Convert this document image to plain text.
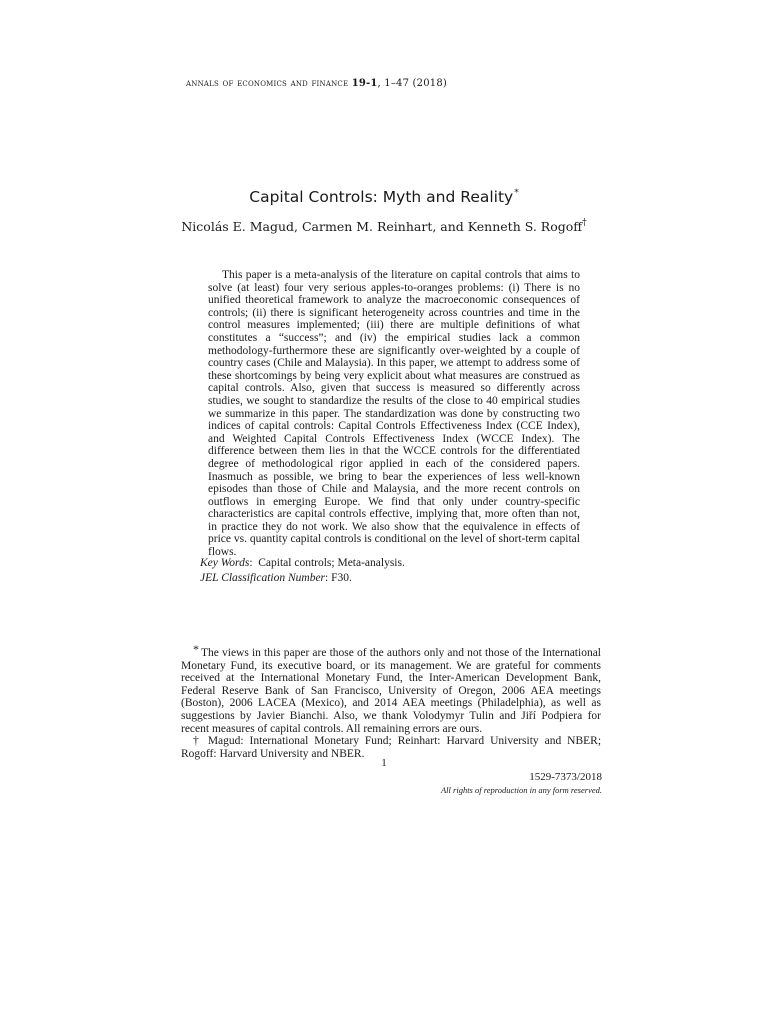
annals of economics and finance 19-1, 1–47 (2018)
Capital Controls: Myth and Reality*
Nicolás E. Magud, Carmen M. Reinhart, and Kenneth S. Rogoff†

This paper is a meta-analysis of the literature on capital controls that aims to solve (at least) four very serious apples-to-oranges problems: (i) There is no unified theoretical framework to analyze the macroeconomic consequences of controls; (ii) there is significant heterogeneity across countries and time in the control measures implemented; (iii) there are multiple definitions of what constitutes a “success”; and (iv) the empirical studies lack a common methodology-furthermore these are significantly over-weighted by a couple of country cases (Chile and Malaysia). In this paper, we attempt to address some of these shortcomings by being very explicit about what measures are construed as capital controls. Also, given that success is measured so differently across studies, we sought to standardize the results of the close to 40 empirical studies we summarize in this paper. The standardization was done by constructing two indices of capital controls: Capital Controls Effectiveness Index (CCE Index), and Weighted Capital Controls Effectiveness Index (WCCE Index). The difference between them lies in that the WCCE controls for the differentiated degree of methodological rigor applied in each of the considered papers. Inasmuch as possible, we bring to bear the experiences of less well-known episodes than those of Chile and Malaysia, and the more recent controls on outflows in emerging Europe. We find that only under country-specific characteristics are capital controls effective, implying that, more often than not, in practice they do not work. We also show that the equivalence in effects of price vs. quantity capital controls is conditional on the level of short-term capital flows.

Key Words:  Capital controls; Meta-analysis.
JEL Classification Number: F30.

* The views in this paper are those of the authors only and not those of the International Monetary Fund, its executive board, or its management. We are grateful for comments received at the International Monetary Fund, the Inter-American Development Bank, Federal Reserve Bank of San Francisco, University of Oregon, 2006 AEA meetings (Boston), 2006 LACEA (Mexico), and 2014 AEA meetings (Philadelphia), as well as suggestions by Javier Bianchi. Also, we thank Volodymyr Tulin and Jiří Podpiera for recent measures of capital controls. All remaining errors are ours.

† Magud: International Monetary Fund; Reinhart: Harvard University and NBER; Rogoff: Harvard University and NBER.

1
1529-7373/2018
All rights of reproduction in any form reserved.
